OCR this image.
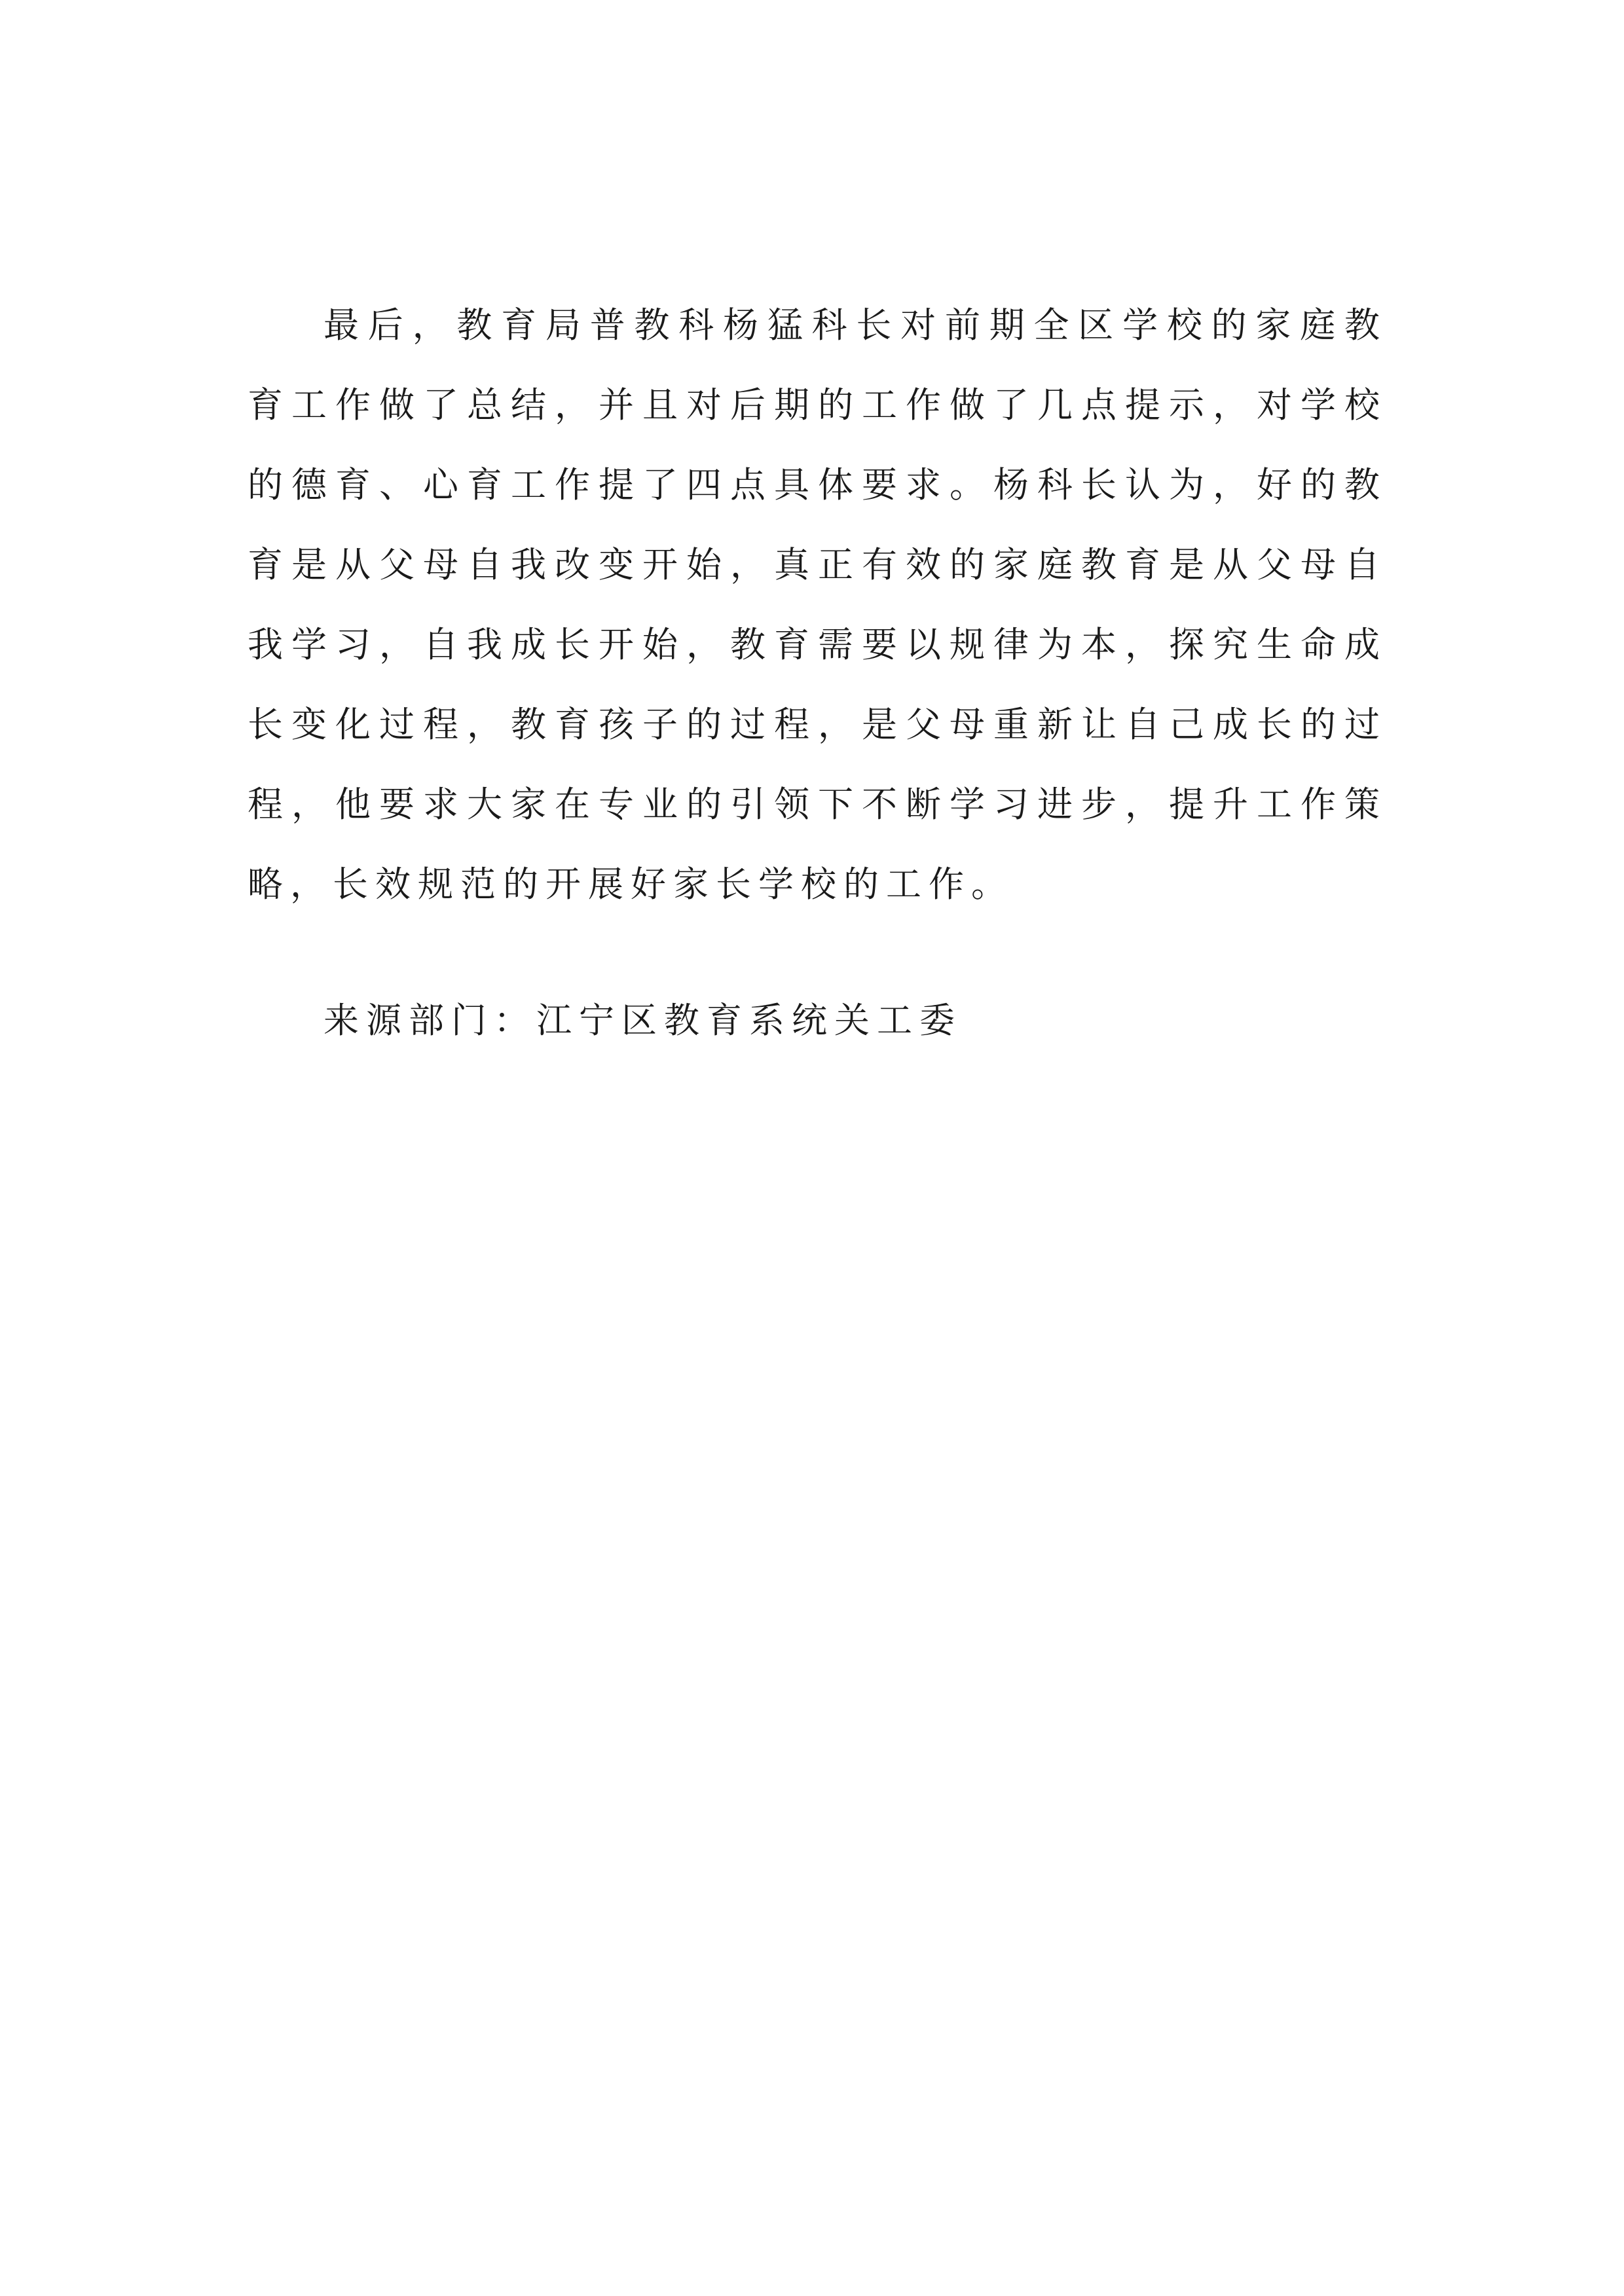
最后，教育局普教科杨猛科长对前期全区学校的家庭教育工作做了总结，并且对后期的工作做了几点提示，对学校的德育、心育工作提了四点具体要求。杨科长认为，好的教育是从父母自我改变开始，真正有效的家庭教育是从父母自我学习，自我成长开始，教育需要以规律为本，探究生命成长变化过程，教育孩子的过程，是父母重新让自己成长的过程，他要求大家在专业的引领下不断学习进步，提升工作策略，长效规范的开展好家长学校的工作。

来源部门：江宁区教育系统关工委
